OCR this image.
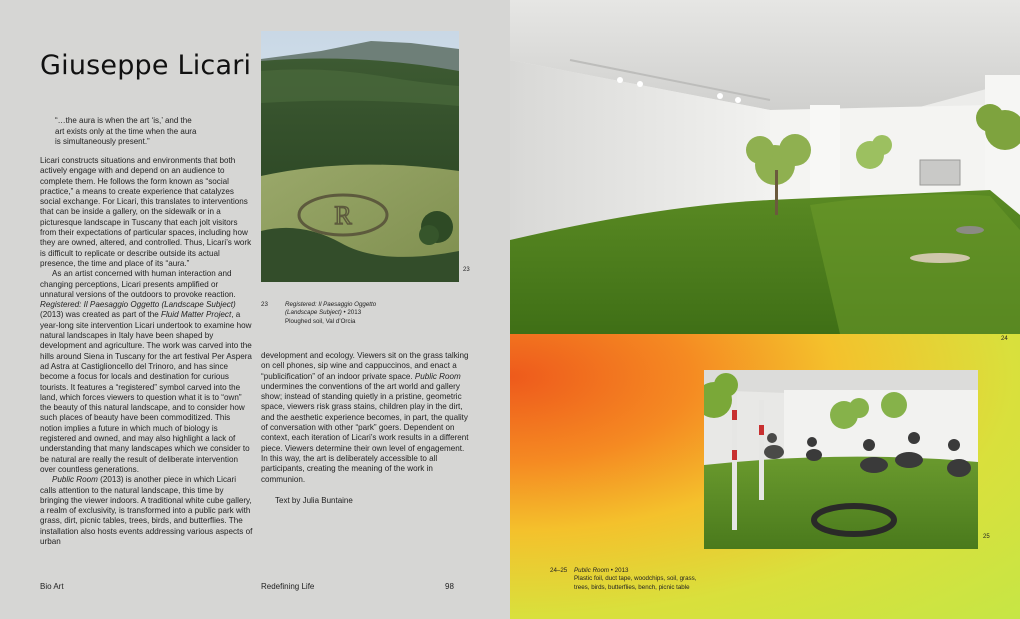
Giuseppe Licari
“…the aura is when the art ‘is,’ and the
art exists only at the time when the aura
is simultaneously present.”

Licari constructs situations and environments that both actively engage with and depend on an audience to complete them. He follows the form known as “social practice,” a means to create experience that catalyzes social exchange. For Licari, this translates to interventions that can be inside a gallery, on the sidewalk or in a picturesque landscape in Tuscany that each jolt visitors from their expectations of particular spaces, including how they are owned, altered, and controlled. Thus, Licari’s work is difficult to replicate or describe outside its actual presence, the time and place of its “aura.”

As an artist concerned with human interaction and changing perceptions, Licari presents amplified or unnatural versions of the outdoors to provoke reaction. Registered: Il Paesaggio Oggetto (Landscape Subject) (2013) was created as part of the Fluid Matter Project, a year-long site intervention Licari undertook to examine how natural landscapes in Italy have been shaped by development and agriculture. The work was carved into the hills around Siena in Tuscany for the art festival Per Aspera ad Astra at Castiglioncello del Trinoro, and has since become a focus for locals and destination for curious tourists. It features a “registered” symbol carved into the land, which forces viewers to question what it is to “own” the beauty of this natural landscape, and to consider how such places of beauty have been commoditized. This notion implies a future in which much of biology is registered and owned, and may also highlight a lack of understanding that many landscapes which we consider to be natural are really the result of deliberate intervention over countless generations.

Public Room (2013) is another piece in which Licari calls attention to the natural landscape, this time by bringing the viewer indoors. A traditional white cube gallery, a realm of exclusivity, is transformed into a public park with grass, dirt, picnic tables, trees, birds, and butterflies. The installation also hosts events addressing various aspects of urban

R
23
23	Registered: Il Paesaggio Oggetto
(Landscape Subject) • 2013
Ploughed soil, Val d’Orcia

development and ecology. Viewers sit on the grass talking on cell phones, sip wine and cappuccinos, and enact a “publicification” of an indoor private space. Public Room undermines the conventions of the art world and gallery show; instead of standing quietly in a pristine, geometric space, viewers risk grass stains, children play in the dirt, and the aesthetic experience becomes, in part, the quality of conversation with other “park” goers. Dependent on context, each iteration of Licari’s work results in a different piece. Viewers determine their own level of engagement. In this way, the art is deliberately accessible to all participants, creating the meaning of the work in communion.

Text by Julia Buntaine
Bio Art	Redefining Life	98
24
25
24–25 Public Room • 2013
Plastic foil, duct tape, woodchips, soil, grass,
trees, birds, butterflies, bench, picnic table
